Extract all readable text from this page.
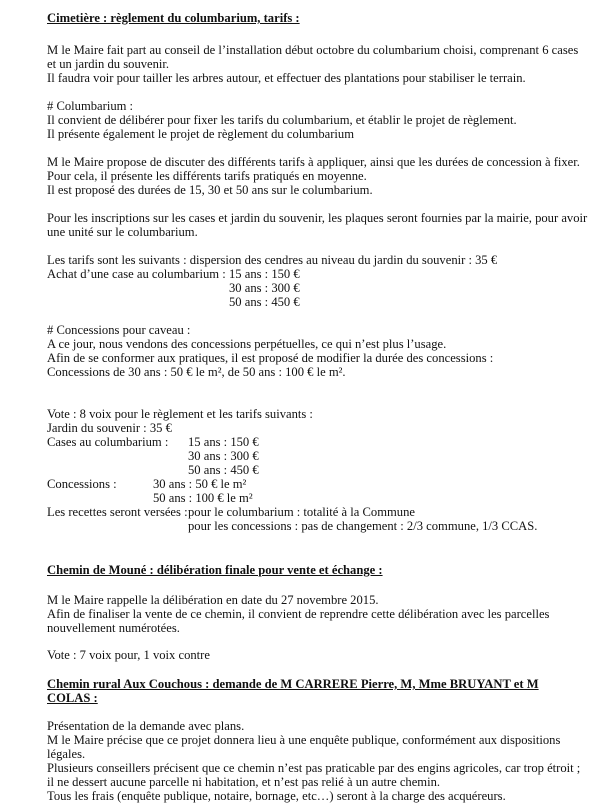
Cimetière : règlement du columbarium, tarifs :
M le Maire fait part au conseil de l’installation début octobre du columbarium choisi, comprenant 6 cases
et un jardin du souvenir.
Il faudra voir pour tailler les arbres autour, et effectuer des plantations pour stabiliser le terrain.
# Columbarium :
Il convient de délibérer pour fixer les tarifs du columbarium, et établir le projet de règlement.
Il présente également le projet de règlement du columbarium
M le Maire propose de discuter des différents tarifs à appliquer, ainsi que les durées de concession à fixer.
Pour cela, il présente les différents tarifs pratiqués en moyenne.
Il est proposé des durées de 15, 30 et 50 ans sur le columbarium.
Pour les inscriptions sur les cases et jardin du souvenir, les plaques seront fournies par la mairie, pour avoir
une unité sur le columbarium.
Les tarifs sont les suivants : dispersion des cendres au niveau du jardin du souvenir : 35 €
Achat d’une case au columbarium : 15 ans : 150 €
30 ans : 300 €
50 ans : 450 €
# Concessions pour caveau :
A ce jour, nous vendons des concessions perpétuelles, ce qui n’est plus l’usage.
Afin de se conformer aux pratiques, il est proposé de modifier la durée des concessions :
Concessions de 30 ans : 50 € le m², de 50 ans : 100 € le m².
Vote : 8 voix pour le règlement et les tarifs suivants :
Jardin du souvenir : 35 €
Cases au columbarium : 15 ans : 150 €
30 ans : 300 €
50 ans : 450 €
Concessions :	30 ans : 50 € le m²
50 ans : 100 € le m²
Les recettes seront versées : pour le columbarium : totalité à la Commune
pour les concessions : pas de changement : 2/3 commune, 1/3 CCAS.
Chemin de Mouné : délibération finale pour vente et échange :
M le Maire rappelle la délibération en date du 27 novembre 2015.
Afin de finaliser la vente de ce chemin, il convient de reprendre cette délibération avec les parcelles
nouvellement numérotées.
Vote : 7 voix pour, 1 voix contre
Chemin rural Aux Couchous : demande de M CARRERE Pierre, M, Mme BRUYANT et M
COLAS :
Présentation de la demande avec plans.
M le Maire précise que ce projet donnera lieu à une enquête publique, conformément aux dispositions
légales.
Plusieurs conseillers précisent que ce chemin n’est pas praticable par des engins agricoles, car trop étroit ;
il ne dessert aucune parcelle ni habitation, et n’est pas relié à un autre chemin.
Tous les frais (enquête publique, notaire, bornage, etc…) seront à la charge des acquéreurs.
